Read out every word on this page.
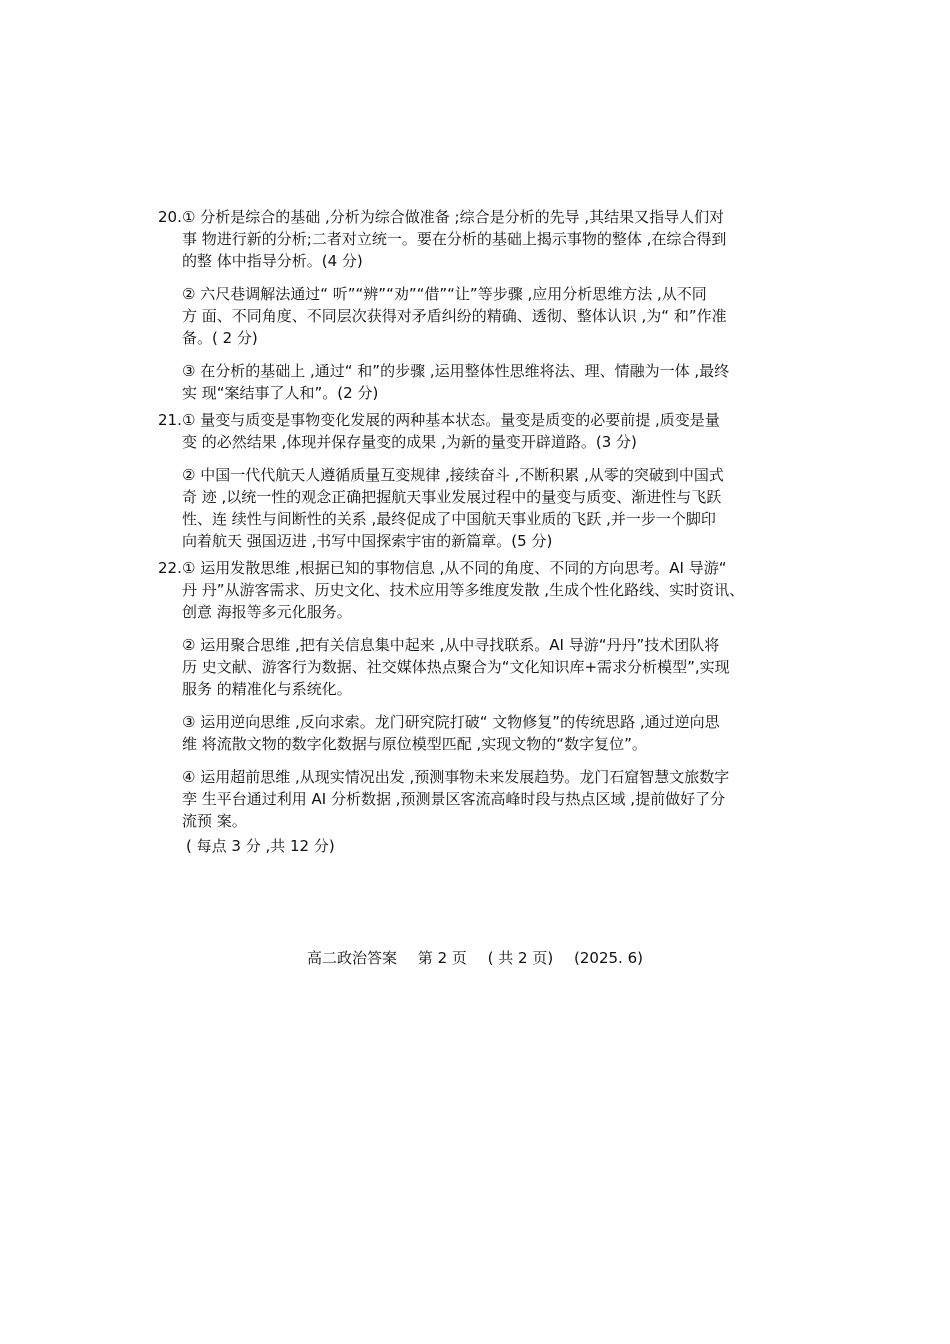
20. ① 分析是综合的基础 ,分析为综合做准备 ;综合是分析的先导 ,其结果又指导人们对
事 物进行新的分析;二者对立统一。要在分析的基础上揭示事物的整体 ,在综合得到
的整 体中指导分析。(4 分)

② 六尺巷调解法通过“ 听”“辨”“劝”“借”“让”等步骤 ,应用分析思维方法 ,从不同
方 面、不同角度、不同层次获得对矛盾纠纷的精确、透彻、整体认识 ,为“ 和”作准
备。( 2 分)

③ 在分析的基础上 ,通过“ 和”的步骤 ,运用整体性思维将法、理、情融为一体 ,最终
实 现“案结事了人和”。(2 分)

21. ① 量变与质变是事物变化发展的两种基本状态。量变是质变的必要前提 ,质变是量
变 的必然结果 ,体现并保存量变的成果 ,为新的量变开辟道路。(3 分)

② 中国一代代航天人遵循质量互变规律 ,接续奋斗 ,不断积累 ,从零的突破到中国式
奇 迹 ,以统一性的观念正确把握航天事业发展过程中的量变与质变、渐进性与飞跃
性、连 续性与间断性的关系 ,最终促成了中国航天事业质的飞跃 ,并一步一个脚印
向着航天 强国迈进 ,书写中国探索宇宙的新篇章。(5 分)

22. ① 运用发散思维 ,根据已知的事物信息 ,从不同的角度、不同的方向思考。AI 导游“
丹 丹”从游客需求、历史文化、技术应用等多维度发散 ,生成个性化路线、实时资讯、
创意 海报等多元化服务。

② 运用聚合思维 ,把有关信息集中起来 ,从中寻找联系。AI 导游“丹丹”技术团队将
历 史文献、游客行为数据、社交媒体热点聚合为“文化知识库+需求分析模型”,实现
服务 的精准化与系统化。

③ 运用逆向思维 ,反向求索。龙门研究院打破“ 文物修复”的传统思路 ,通过逆向思
维 将流散文物的数字化数据与原位模型匹配 ,实现文物的“数字复位”。

④ 运用超前思维 ,从现实情况出发 ,预测事物未来发展趋势。龙门石窟智慧文旅数字
孪 生平台通过利用 AI 分析数据 ,预测景区客流高峰时段与热点区域 ,提前做好了分
流预 案。

( 每点 3 分 ,共 12 分)
高二政治答案 第 2 页 ( 共 2 页) (2025. 6)
